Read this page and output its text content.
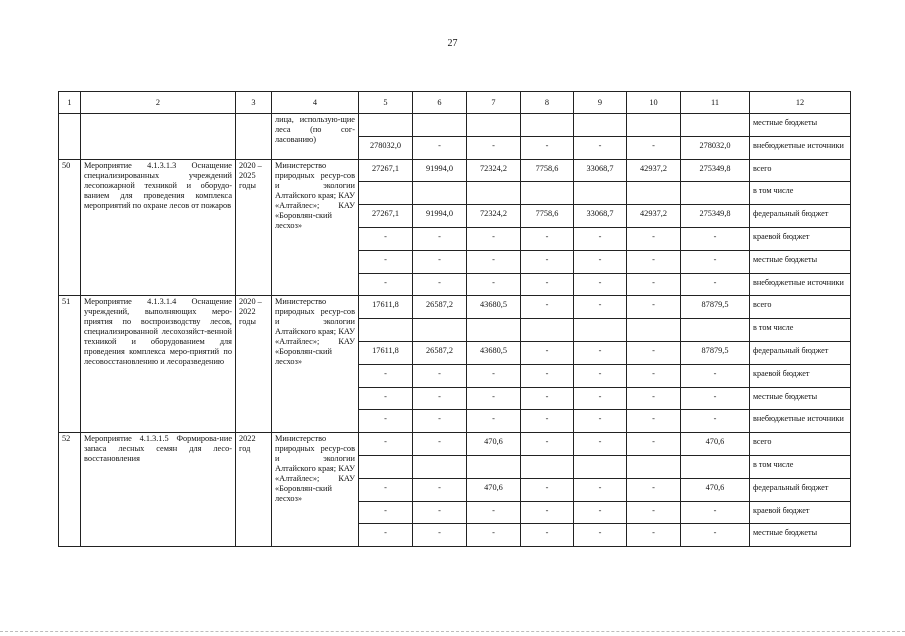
27
1	2	3	4	5	6	7	8	9	10	11	12
			лица, использую-щие леса (по сог-ласованию)								местные бюджеты
				278032,0	-	-	-	-	-	278032,0	внебюджетные источники
50	Мероприятие 4.1.3.1.3 Оснащение специализированных учреждений лесопожарной техникой и оборудо-ванием для проведения комплекса мероприятий по охране лесов от пожаров	2020 – 2025 годы	Министерство природных ресур-сов и экологии Алтайского края; КАУ «Алтайлес»; КАУ «Боровлян-ский лесхоз»	27267,1	91994,0	72324,2	7758,6	33068,7	42937,2	275349,8	всего
											в том числе
				27267,1	91994,0	72324,2	7758,6	33068,7	42937,2	275349,8	федеральный бюджет
				-	-	-	-	-	-	-	краевой бюджет
				-	-	-	-	-	-	-	местные бюджеты
				-	-	-	-	-	-	-	внебюджетные источники
51	Мероприятие 4.1.3.1.4 Оснащение учреждений, выполняющих меро-приятия по воспроизводству лесов, специализированной лесохозяйст-венной техникой и оборудованием для проведения комплекса меро-приятий по лесовосстановлению и лесоразведению	2020 – 2022 годы	Министерство природных ресур-сов и экологии Алтайского края; КАУ «Алтайлес»; КАУ «Боровлян-ский лесхоз»	17611,8	26587,2	43680,5	-	-	-	87879,5	всего
											в том числе
				17611,8	26587,2	43680,5	-	-	-	87879,5	федеральный бюджет
				-	-	-	-	-	-	-	краевой бюджет
				-	-	-	-	-	-	-	местные бюджеты
				-	-	-	-	-	-	-	внебюджетные источники
52	Мероприятие 4.1.3.1.5 Формирова-ние запаса лесных семян для лесо-восстановления	2022 год	Министерство природных ресур-сов и экологии Алтайского края; КАУ «Алтайлес»; КАУ «Боровлян-ский лесхоз»	-	-	470,6	-	-	-	470,6	всего
											в том числе
				-	-	470,6	-	-	-	470,6	федеральный бюджет
				-	-	-	-	-	-	-	краевой бюджет
				-	-	-	-	-	-	-	местные бюджеты
